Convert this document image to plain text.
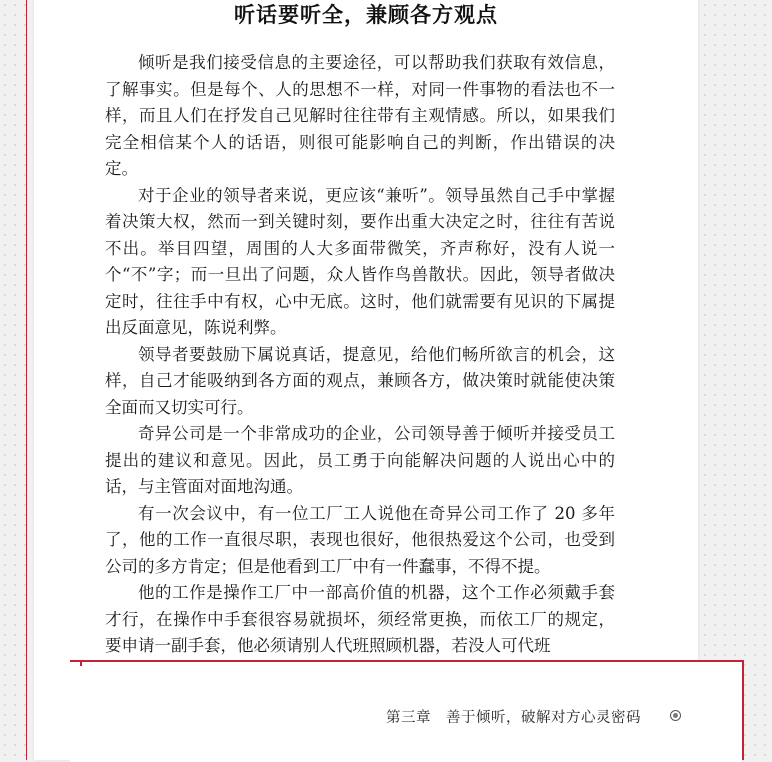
听话要听全，兼顾各方观点

倾听是我们接受信息的主要途径，可以帮助我们获取有效信息，了解事实。但是每个、人的思想不一样，对同一件事物的看法也不一样，而且人们在抒发自己见解时往往带有主观情感。所以，如果我们完全相信某个人的话语，则很可能影响自己的判断，作出错误的决定。

对于企业的领导者来说，更应该“兼听”。领导虽然自己手中掌握着决策大权，然而一到关键时刻，要作出重大决定之时，往往有苦说不出。举目四望，周围的人大多面带微笑，齐声称好，没有人说一个“不”字；而一旦出了问题，众人皆作鸟兽散状。因此，领导者做决定时，往往手中有权，心中无底。这时，他们就需要有见识的下属提出反面意见，陈说利弊。

领导者要鼓励下属说真话，提意见，给他们畅所欲言的机会，这样，自己才能吸纳到各方面的观点，兼顾各方，做决策时就能使决策全面而又切实可行。

奇异公司是一个非常成功的企业，公司领导善于倾听并接受员工提出的建议和意见。因此，员工勇于向能解决问题的人说出心中的话，与主管面对面地沟通。

有一次会议中，有一位工厂工人说他在奇异公司工作了 20 多年了，他的工作一直很尽职，表现也很好，他很热爱这个公司，也受到公司的多方肯定；但是他看到工厂中有一件蠢事，不得不提。

他的工作是操作工厂中一部高价值的机器，这个工作必须戴手套才行，在操作中手套很容易就损坏，须经常更换，而依工厂的规定，要申请一副手套，他必须请别人代班照顾机器，若没人可代班

第三章　善于倾听，破解对方心灵密码
